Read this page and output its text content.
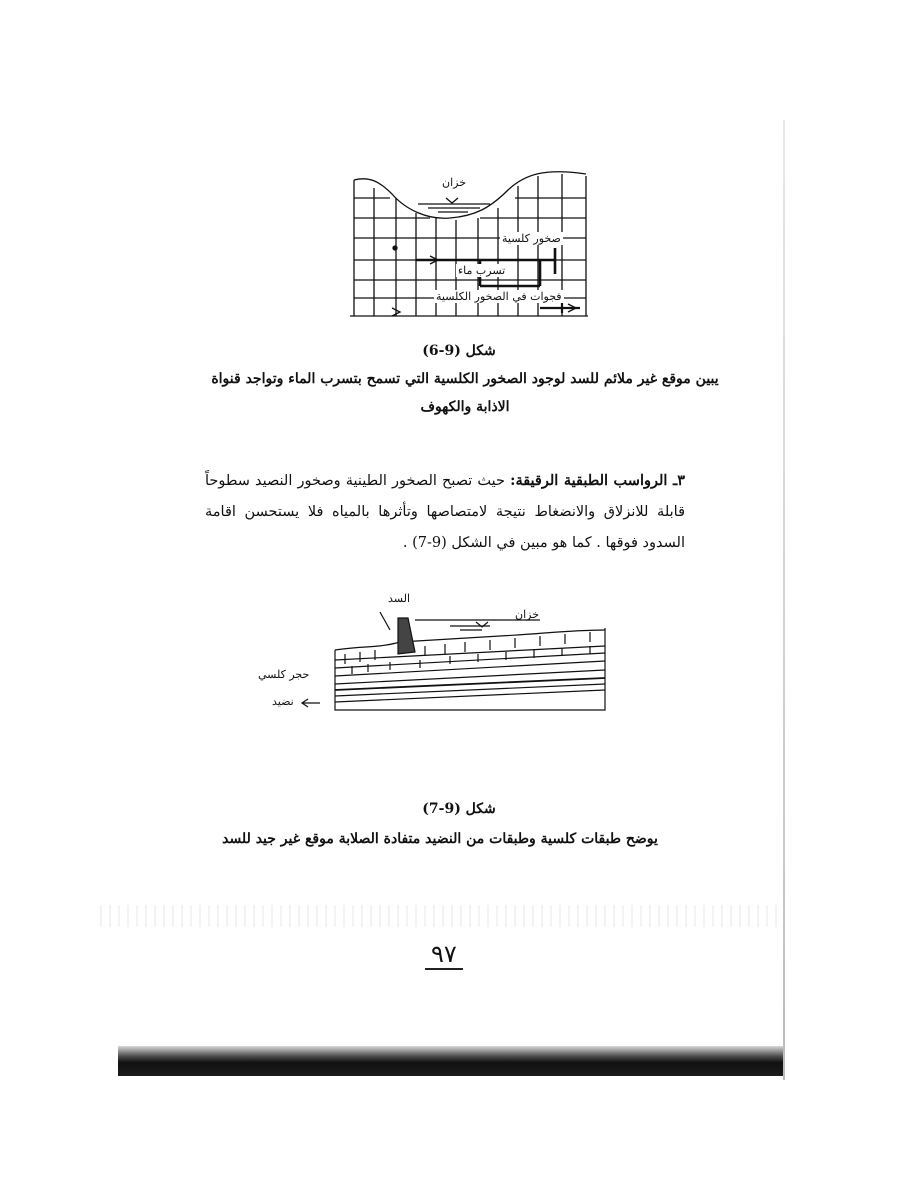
خزان
صخور كلسية
تسرب ماء
فجوات في الصخور الكلسية
شكل (9-6)
يبين موقع غير ملائم للسد لوجود الصخور الكلسية التي تسمح بتسرب الماء وتواجد قنواة
الاذابة والكهوف
٣ـ الرواسب الطبقية الرقيقة: حيث تصبح الصخور الطينية وصخور النصيد سطوحاً قابلة للانزلاق والانضغاط نتيجة لامتصاصها وتأثرها بالمياه فلا يستحسن اقامة السدود فوقها . كما هو مبين في الشكل (9-7) .
السد
خزان
حجر كلسي
نضيد
شكل (9-7)
يوضح طبقات كلسية وطبقات من النضيد متفادة الصلابة موقع غير جيد للسد
٩٧
